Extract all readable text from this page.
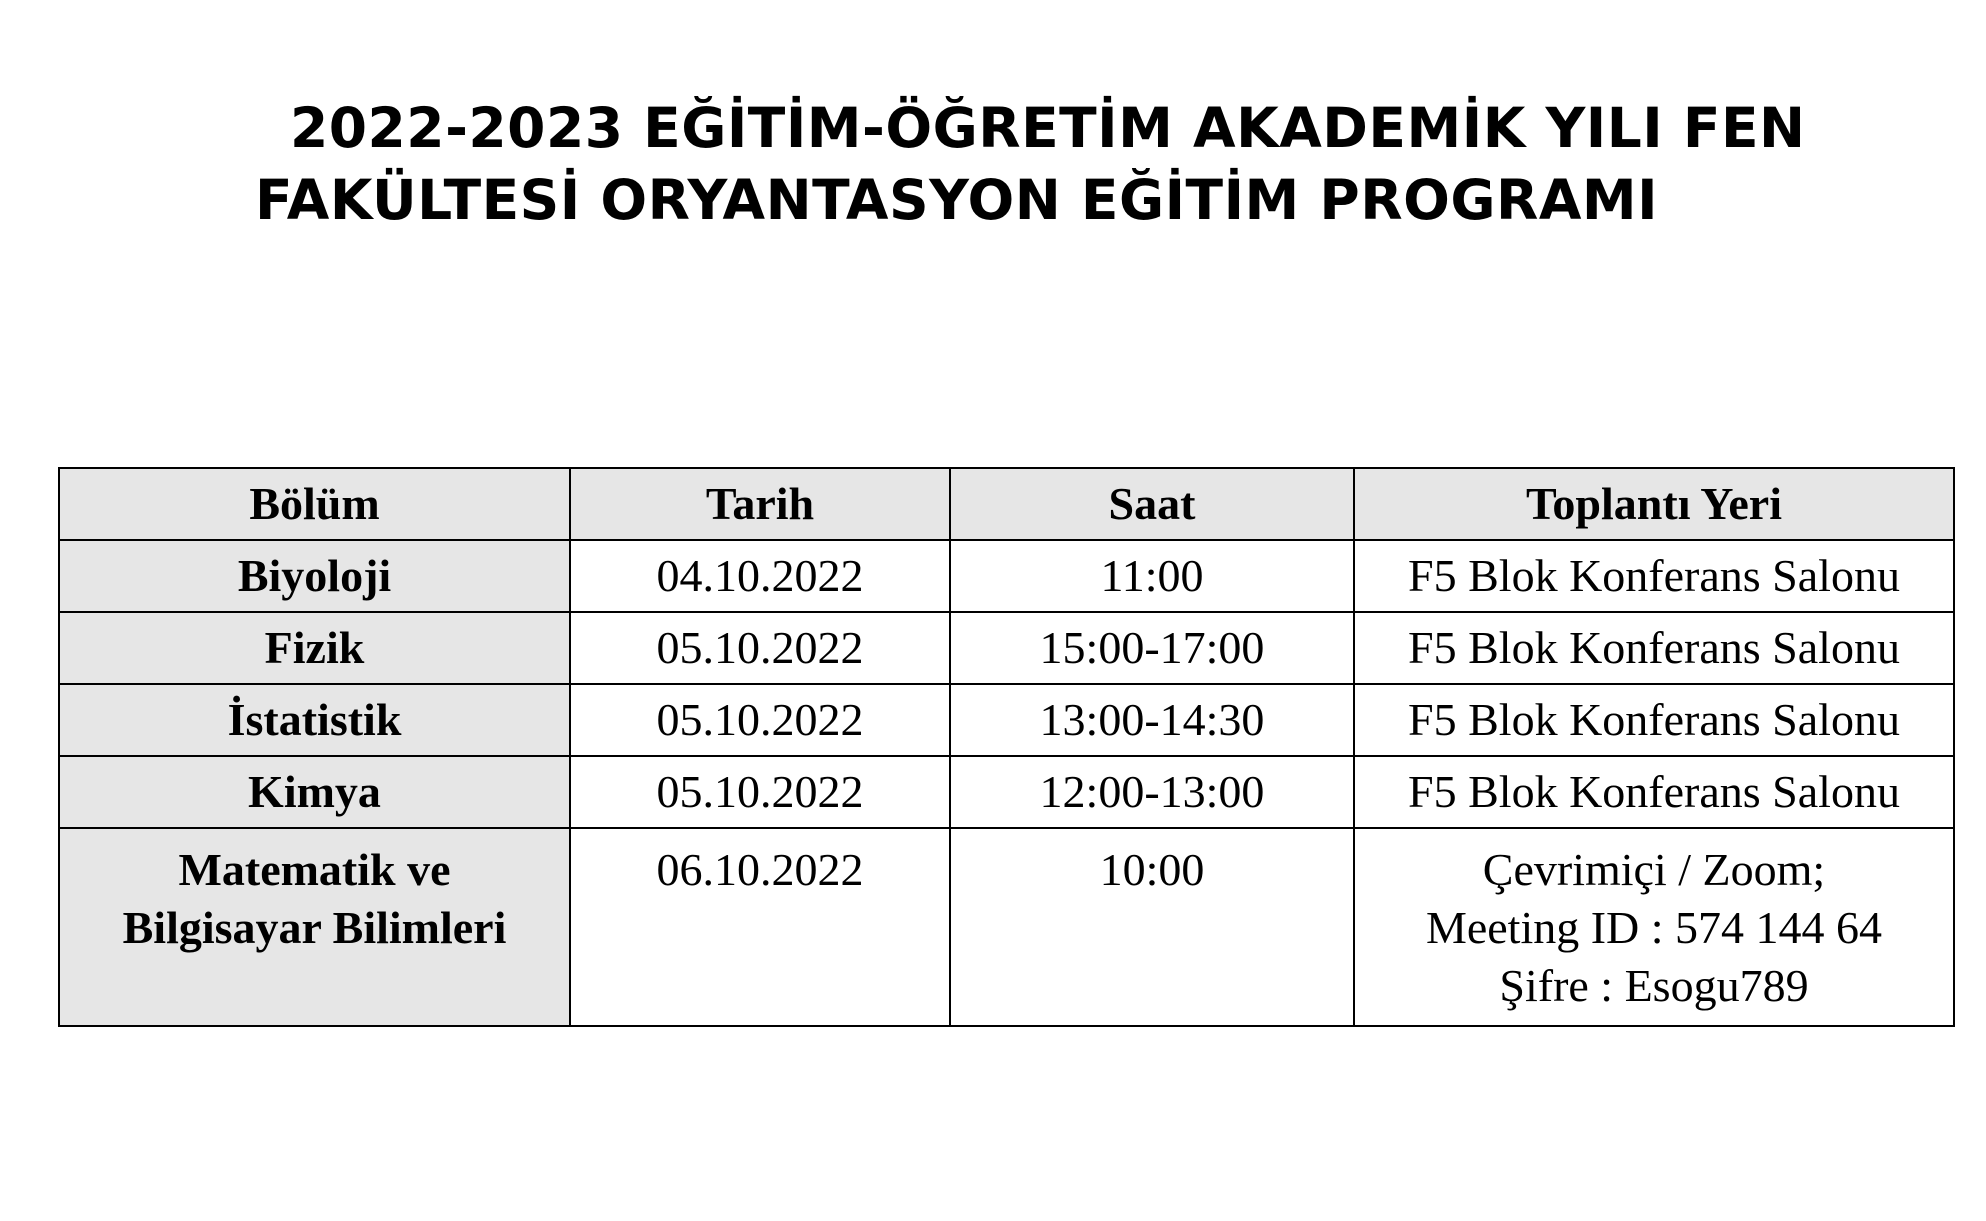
2022-2023 EĞİTİM-ÖĞRETİM AKADEMİK YILI FEN
FAKÜLTESİ ORYANTASYON EĞİTİM PROGRAMI
Bölüm	Tarih	Saat	Toplantı Yeri
Biyoloji	04.10.2022	11:00	F5 Blok Konferans Salonu
Fizik	05.10.2022	15:00-17:00	F5 Blok Konferans Salonu
İstatistik	05.10.2022	13:00-14:30	F5 Blok Konferans Salonu
Kimya	05.10.2022	12:00-13:00	F5 Blok Konferans Salonu

Matematik ve
Bilgisayar Bilimleri	06.10.2022	10:00	Çevrimiçi / Zoom;
Meeting ID : 574 144 64
Şifre : Esogu789
